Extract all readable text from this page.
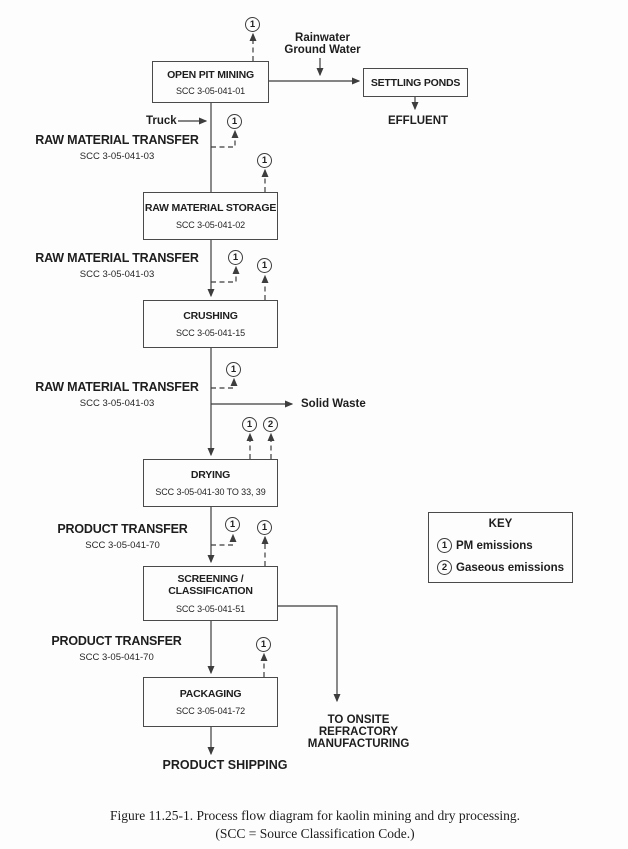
OPEN PIT MINING
SCC 3-05-041-01
SETTLING PONDS
RAW MATERIAL STORAGE
SCC 3-05-041-02
CRUSHING
SCC 3-05-041-15
DRYING
SCC 3-05-041-30 TO 33, 39
SCREENING /
CLASSIFICATION
SCC 3-05-041-51
PACKAGING
SCC 3-05-041-72
1
1
1
1
1
1
1	2
1	1
1
RAW MATERIAL TRANSFER
SCC 3-05-041-03
RAW MATERIAL TRANSFER
SCC 3-05-041-03
RAW MATERIAL TRANSFER
SCC 3-05-041-03
PRODUCT TRANSFER
SCC 3-05-041-70
PRODUCT TRANSFER
SCC 3-05-041-70
Rainwater
Ground Water
Truck	EFFLUENT
Solid Waste
PRODUCT SHIPPING
TO ONSITE
REFRACTORY
MANUFACTURING
KEY
1 PM emissions
2 Gaseous emissions
Figure 11.25-1. Process flow diagram for kaolin mining and dry processing.
(SCC = Source Classification Code.)
